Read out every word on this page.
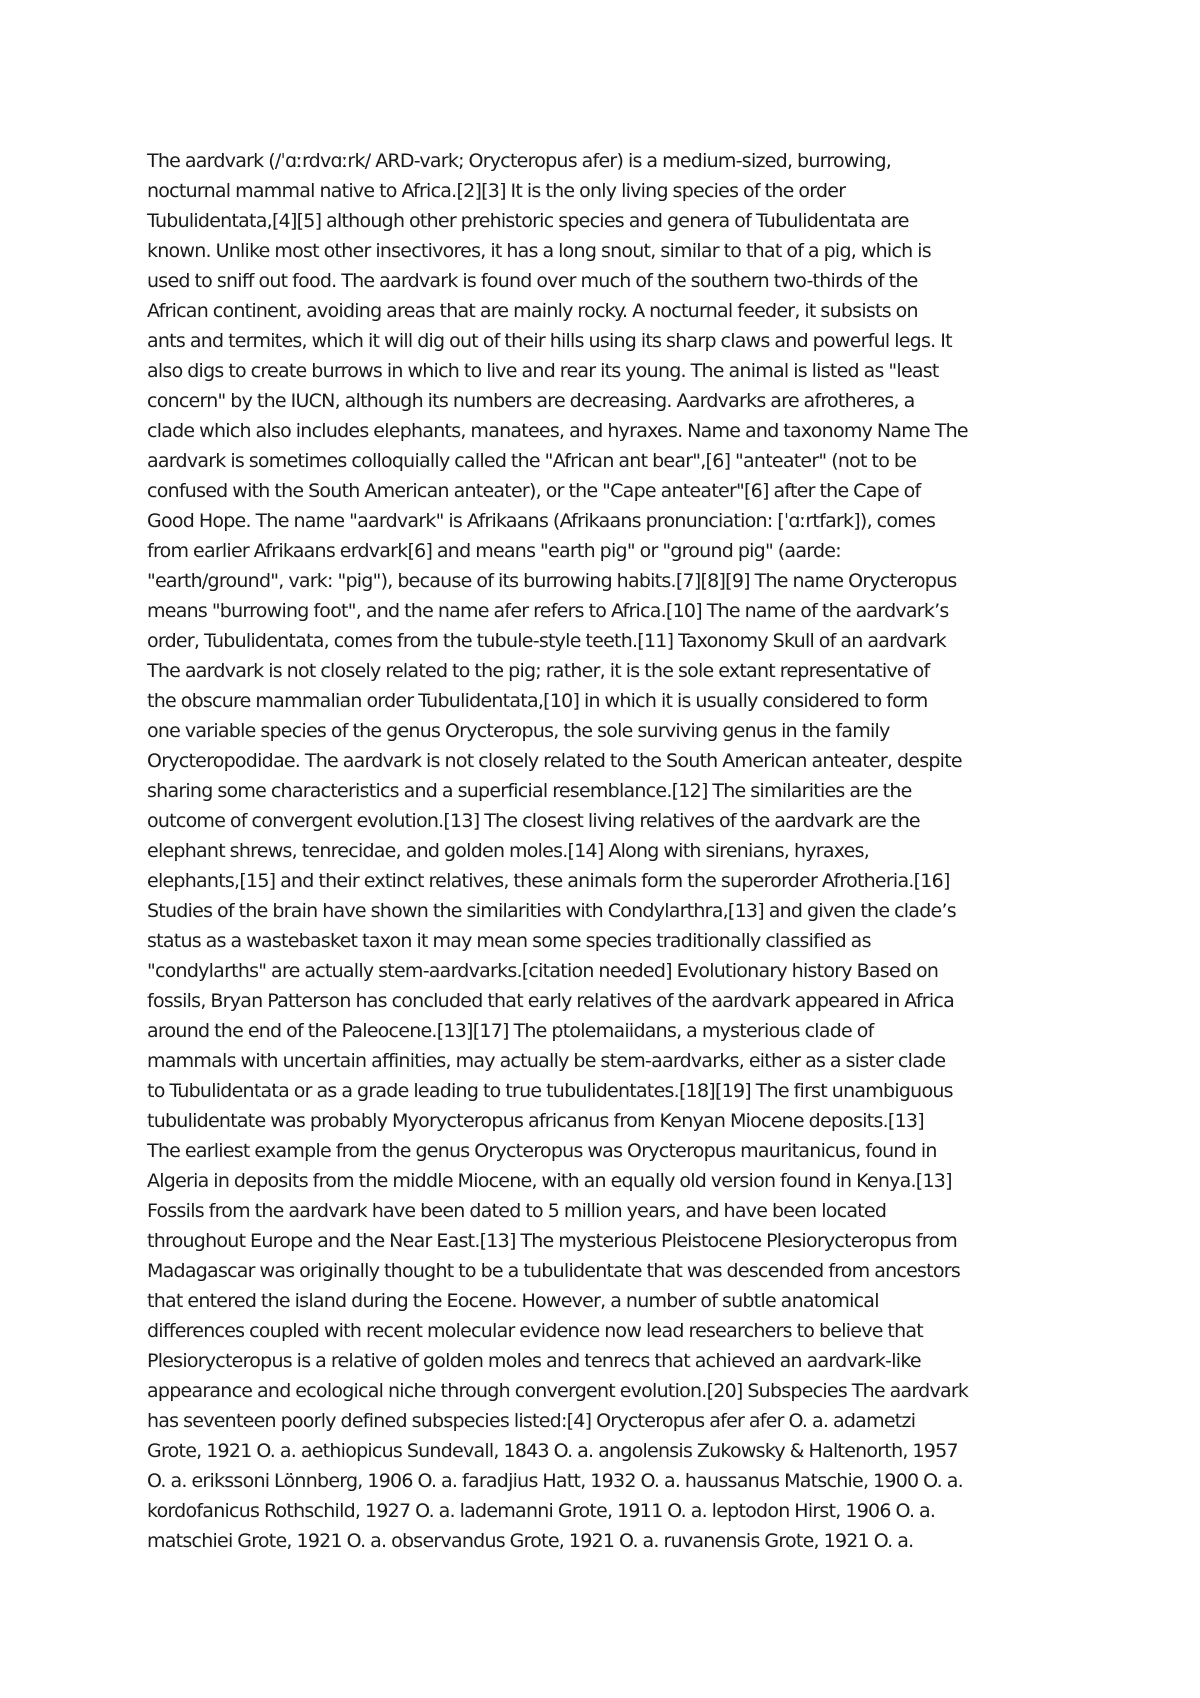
The aardvark (/ˈɑːrdvɑːrk/ ARD-vark; Orycteropus afer) is a medium-sized, burrowing,
nocturnal mammal native to Africa.[2][3] It is the only living species of the order
Tubulidentata,[4][5] although other prehistoric species and genera of Tubulidentata are
known. Unlike most other insectivores, it has a long snout, similar to that of a pig, which is
used to sniff out food. The aardvark is found over much of the southern two-thirds of the
African continent, avoiding areas that are mainly rocky. A nocturnal feeder, it subsists on
ants and termites, which it will dig out of their hills using its sharp claws and powerful legs. It
also digs to create burrows in which to live and rear its young. The animal is listed as "least
concern" by the IUCN, although its numbers are decreasing. Aardvarks are afrotheres, a
clade which also includes elephants, manatees, and hyraxes. Name and taxonomy Name The
aardvark is sometimes colloquially called the "African ant bear",[6] "anteater" (not to be
confused with the South American anteater), or the "Cape anteater"[6] after the Cape of
Good Hope. The name "aardvark" is Afrikaans (Afrikaans pronunciation: [ˈɑːrtfark]), comes
from earlier Afrikaans erdvark[6] and means "earth pig" or "ground pig" (aarde:
"earth/ground", vark: "pig"), because of its burrowing habits.[7][8][9] The name Orycteropus
means "burrowing foot", and the name afer refers to Africa.[10] The name of the aardvark’s
order, Tubulidentata, comes from the tubule-style teeth.[11] Taxonomy Skull of an aardvark
The aardvark is not closely related to the pig; rather, it is the sole extant representative of
the obscure mammalian order Tubulidentata,[10] in which it is usually considered to form
one variable species of the genus Orycteropus, the sole surviving genus in the family
Orycteropodidae. The aardvark is not closely related to the South American anteater, despite
sharing some characteristics and a superficial resemblance.[12] The similarities are the
outcome of convergent evolution.[13] The closest living relatives of the aardvark are the
elephant shrews, tenrecidae, and golden moles.[14] Along with sirenians, hyraxes,
elephants,[15] and their extinct relatives, these animals form the superorder Afrotheria.[16]
Studies of the brain have shown the similarities with Condylarthra,[13] and given the clade’s
status as a wastebasket taxon it may mean some species traditionally classified as
"condylarths" are actually stem-aardvarks.[citation needed] Evolutionary history Based on
fossils, Bryan Patterson has concluded that early relatives of the aardvark appeared in Africa
around the end of the Paleocene.[13][17] The ptolemaiidans, a mysterious clade of
mammals with uncertain affinities, may actually be stem-aardvarks, either as a sister clade
to Tubulidentata or as a grade leading to true tubulidentates.[18][19] The first unambiguous
tubulidentate was probably Myorycteropus africanus from Kenyan Miocene deposits.[13]
The earliest example from the genus Orycteropus was Orycteropus mauritanicus, found in
Algeria in deposits from the middle Miocene, with an equally old version found in Kenya.[13]
Fossils from the aardvark have been dated to 5 million years, and have been located
throughout Europe and the Near East.[13] The mysterious Pleistocene Plesiorycteropus from
Madagascar was originally thought to be a tubulidentate that was descended from ancestors
that entered the island during the Eocene. However, a number of subtle anatomical
differences coupled with recent molecular evidence now lead researchers to believe that
Plesiorycteropus is a relative of golden moles and tenrecs that achieved an aardvark-like
appearance and ecological niche through convergent evolution.[20] Subspecies The aardvark
has seventeen poorly defined subspecies listed:[4] Orycteropus afer afer O. a. adametzi
Grote, 1921 O. a. aethiopicus Sundevall, 1843 O. a. angolensis Zukowsky & Haltenorth, 1957
O. a. erikssoni Lönnberg, 1906 O. a. faradjius Hatt, 1932 O. a. haussanus Matschie, 1900 O. a.
kordofanicus Rothschild, 1927 O. a. lademanni Grote, 1911 O. a. leptodon Hirst, 1906 O. a.
matschiei Grote, 1921 O. a. observandus Grote, 1921 O. a. ruvanensis Grote, 1921 O. a.
